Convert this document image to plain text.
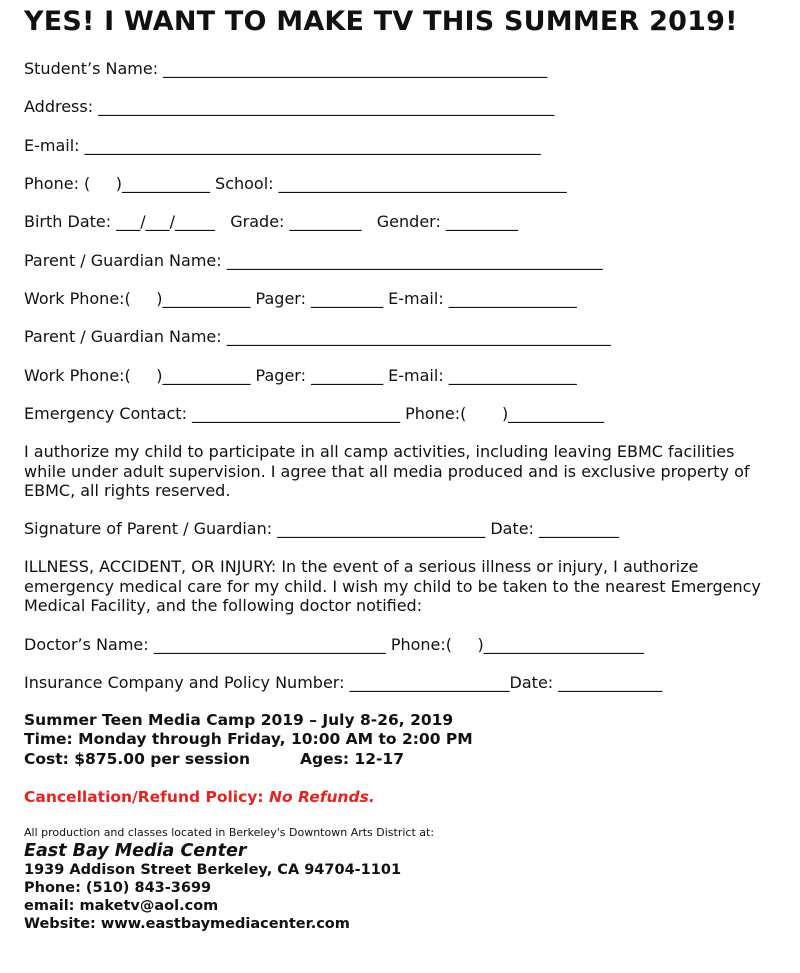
YES! I WANT TO MAKE TV THIS SUMMER 2019!
Student’s Name: ________________________________________________
Address: _________________________________________________________
E-mail: _________________________________________________________
Phone: (     )___________ School: ____________________________________
Birth Date: ___/___/_____   Grade: _________   Gender: _________
Parent / Guardian Name: _______________________________________________
Work Phone:(     )___________ Pager: _________ E-mail: ________________
Parent / Guardian Name: ________________________________________________
Work Phone:(     )___________ Pager: _________ E-mail: ________________
Emergency Contact: __________________________ Phone:(       )____________
I authorize my child to participate in all camp activities, including leaving EBMC facilities while under adult supervision. I agree that all media produced and is exclusive property of EBMC, all rights reserved.
Signature of Parent / Guardian: __________________________ Date: __________
ILLNESS, ACCIDENT, OR INJURY: In the event of a serious illness or injury, I authorize emergency medical care for my child. I wish my child to be taken to the nearest Emergency Medical Facility, and the following doctor notified:
Doctor’s Name: _____________________________ Phone:(     )____________________
Insurance Company and Policy Number: ____________________Date: _____________
Summer Teen Media Camp 2019 – July 8-26, 2019
Time: Monday through Friday, 10:00 AM to 2:00 PM
Cost: $875.00 per session	Ages: 12-17
Cancellation/Refund Policy: No Refunds.
All production and classes located in Berkeley's Downtown Arts District at:
East Bay Media Center
1939 Addison Street Berkeley, CA 94704-1101
Phone: (510) 843-3699
email: maketv@aol.com
Website: www.eastbaymediacenter.com
